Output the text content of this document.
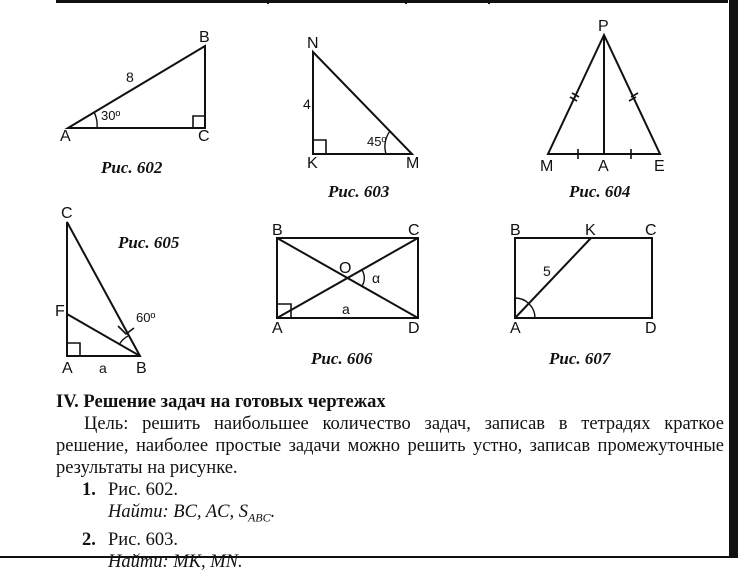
A
B
C
8
30º
Рис. 602
N
K	M
4
45º
Рис. 603
P
M	A	E
Рис. 604
C
F
A	B
a
60º
Рис. 605
B	C
O
A	D
a
α
Рис. 606
B	K	C
A	D
5
Рис. 607

IV. Решение задач на готовых чертежах

Цель: решить наибольшее количество задач, записав в тетрадях краткое решение, наиболее простые задачи можно решить устно, записав промежуточные результаты на рисунке.

1. Рис. 602.

Найти: BC, AC, $S_{ABC}$.

2. Рис. 603.

Найти: MK, MN.
